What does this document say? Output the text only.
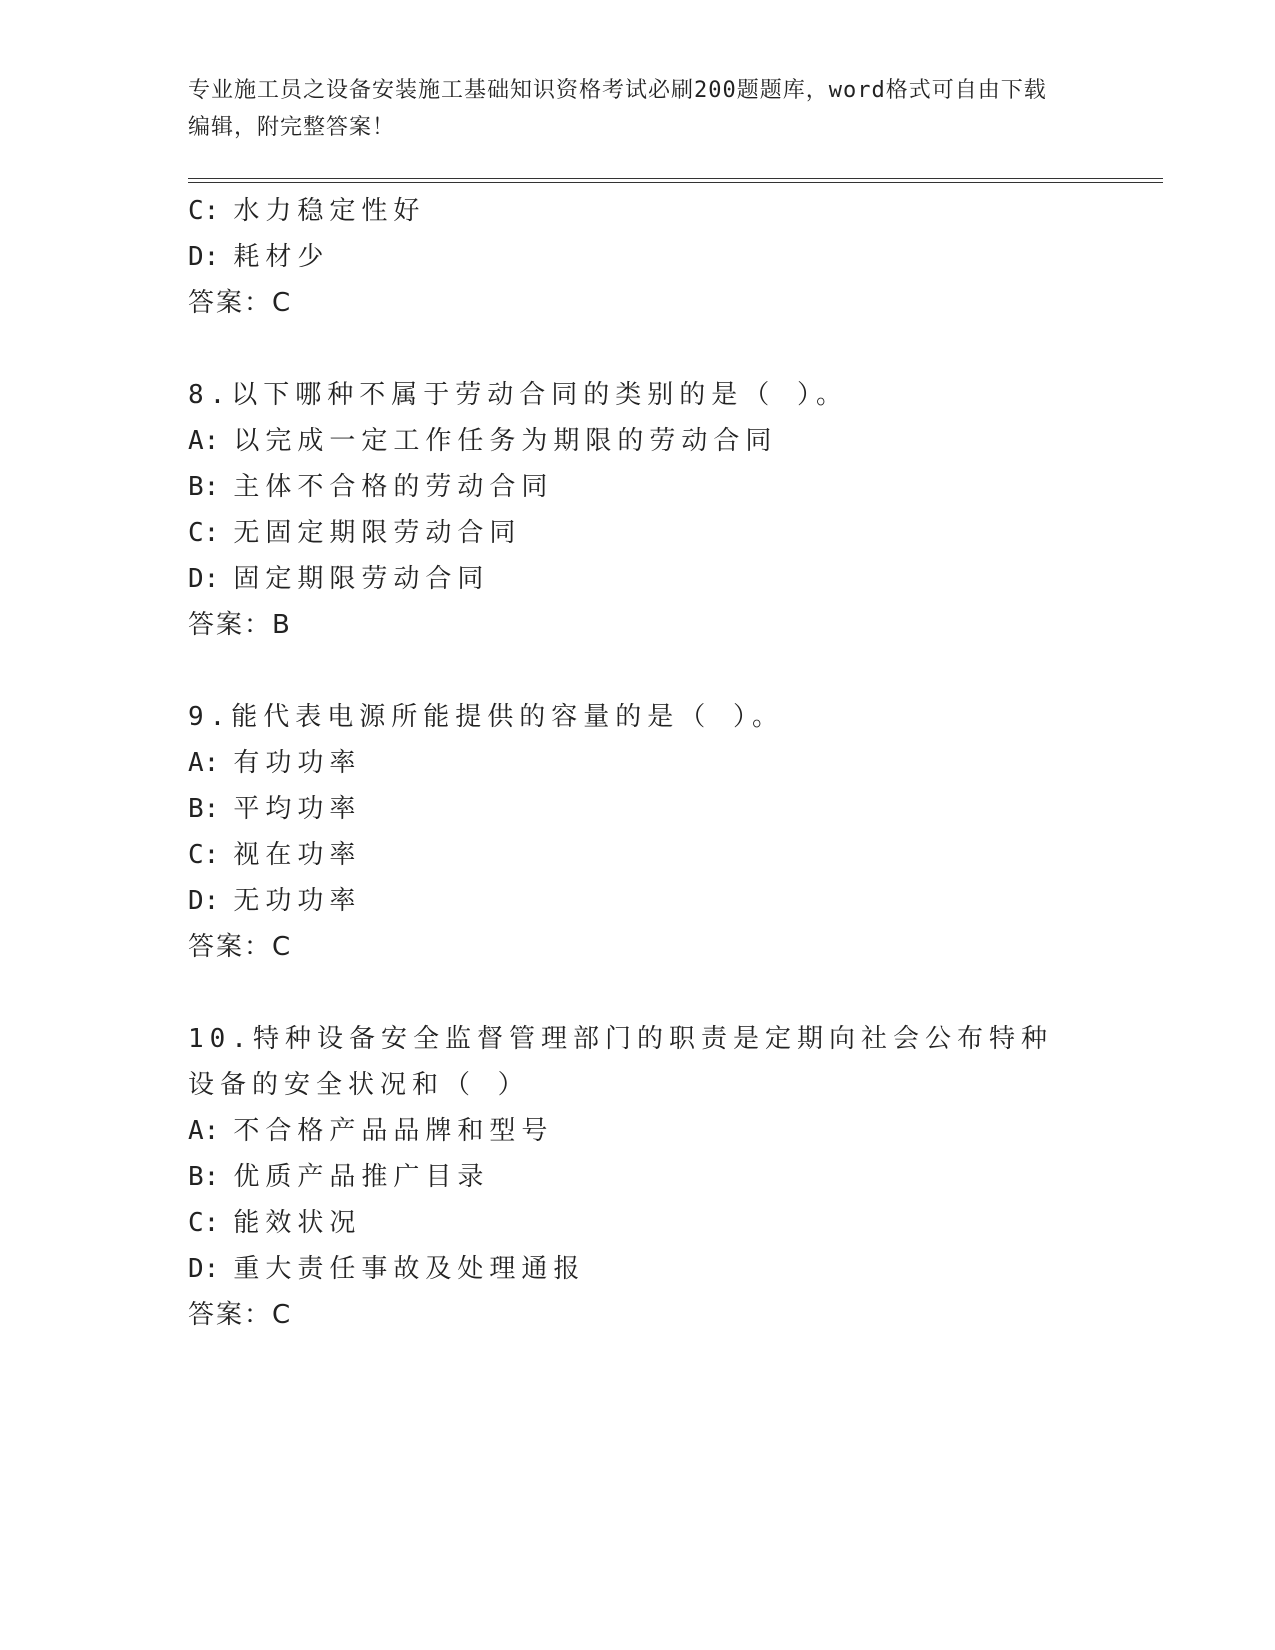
专业施工员之设备安装施工基础知识资格考试必刷200题题库，word格式可自由下载编辑，附完整答案！
C: 水力稳定性好
D: 耗材少
答案：C
8.以下哪种不属于劳动合同的类别的是（ ）。
A: 以完成一定工作任务为期限的劳动合同
B: 主体不合格的劳动合同
C: 无固定期限劳动合同
D: 固定期限劳动合同
答案：B
9.能代表电源所能提供的容量的是（ ）。
A: 有功功率
B: 平均功率
C: 视在功率
D: 无功功率
答案：C
10.特种设备安全监督管理部门的职责是定期向社会公布特种设备的安全状况和（ ）
A: 不合格产品品牌和型号
B: 优质产品推广目录
C: 能效状况
D: 重大责任事故及处理通报
答案：C
